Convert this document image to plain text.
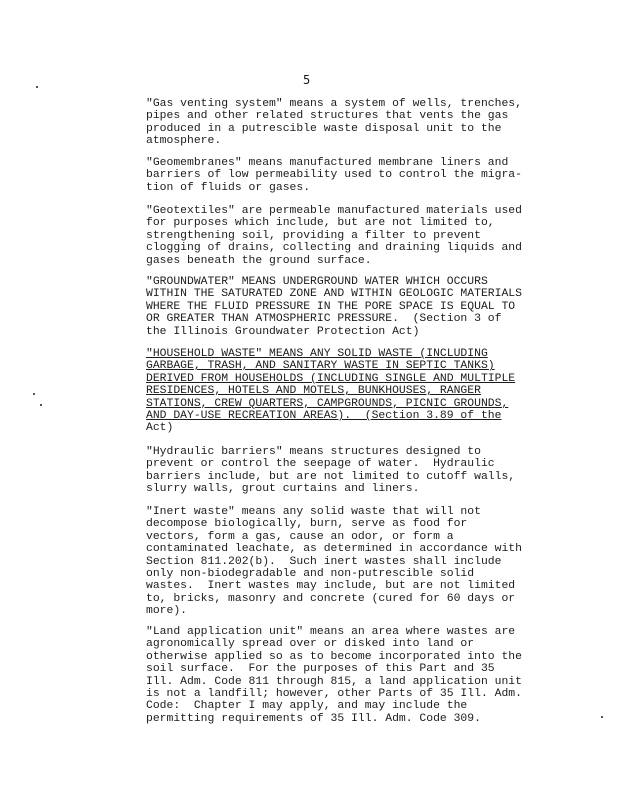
5
"Gas venting system" means a system of wells, trenches,
pipes and other related structures that vents the gas
produced in a putrescible waste disposal unit to the
atmosphere.
"Geomembranes" means manufactured membrane liners and
barriers of low permeability used to control the migra-
tion of fluids or gases.
"Geotextiles" are permeable manufactured materials used
for purposes which include, but are not limited to,
strengthening soil, providing a filter to prevent
clogging of drains, collecting and draining liquids and
gases beneath the ground surface.
"GROUNDWATER" MEANS UNDERGROUND WATER WHICH OCCURS
WITHIN THE SATURATED ZONE AND WITHIN GEOLOGIC MATERIALS
WHERE THE FLUID PRESSURE IN THE PORE SPACE IS EQUAL TO
OR GREATER THAN ATMOSPHERIC PRESSURE.  (Section 3 of
the Illinois Groundwater Protection Act)
"HOUSEHOLD WASTE" MEANS ANY SOLID WASTE (INCLUDING
GARBAGE, TRASH, AND SANITARY WASTE IN SEPTIC TANKS)
DERIVED FROM HOUSEHOLDS (INCLUDING SINGLE AND MULTIPLE
RESIDENCES, HOTELS AND MOTELS, BUNKHOUSES, RANGER
STATIONS, CREW QUARTERS, CAMPGROUNDS, PICNIC GROUNDS,
AND DAY-USE RECREATION AREAS).  (Section 3.89 of the
Act)
"Hydraulic barriers" means structures designed to
prevent or control the seepage of water.  Hydraulic
barriers include, but are not limited to cutoff walls,
slurry walls, grout curtains and liners.
"Inert waste" means any solid waste that will not
decompose biologically, burn, serve as food for
vectors, form a gas, cause an odor, or form a
contaminated leachate, as determined in accordance with
Section 811.202(b).  Such inert wastes shall include
only non-biodegradable and non-putrescible solid
wastes.  Inert wastes may include, but are not limited
to, bricks, masonry and concrete (cured for 60 days or
more).
"Land application unit" means an area where wastes are
agronomically spread over or disked into land or
otherwise applied so as to become incorporated into the
soil surface.  For the purposes of this Part and 35
Ill. Adm. Code 811 through 815, a land application unit
is not a landfill; however, other Parts of 35 Ill. Adm.
Code:  Chapter I may apply, and may include the
permitting requirements of 35 Ill. Adm. Code 309.
